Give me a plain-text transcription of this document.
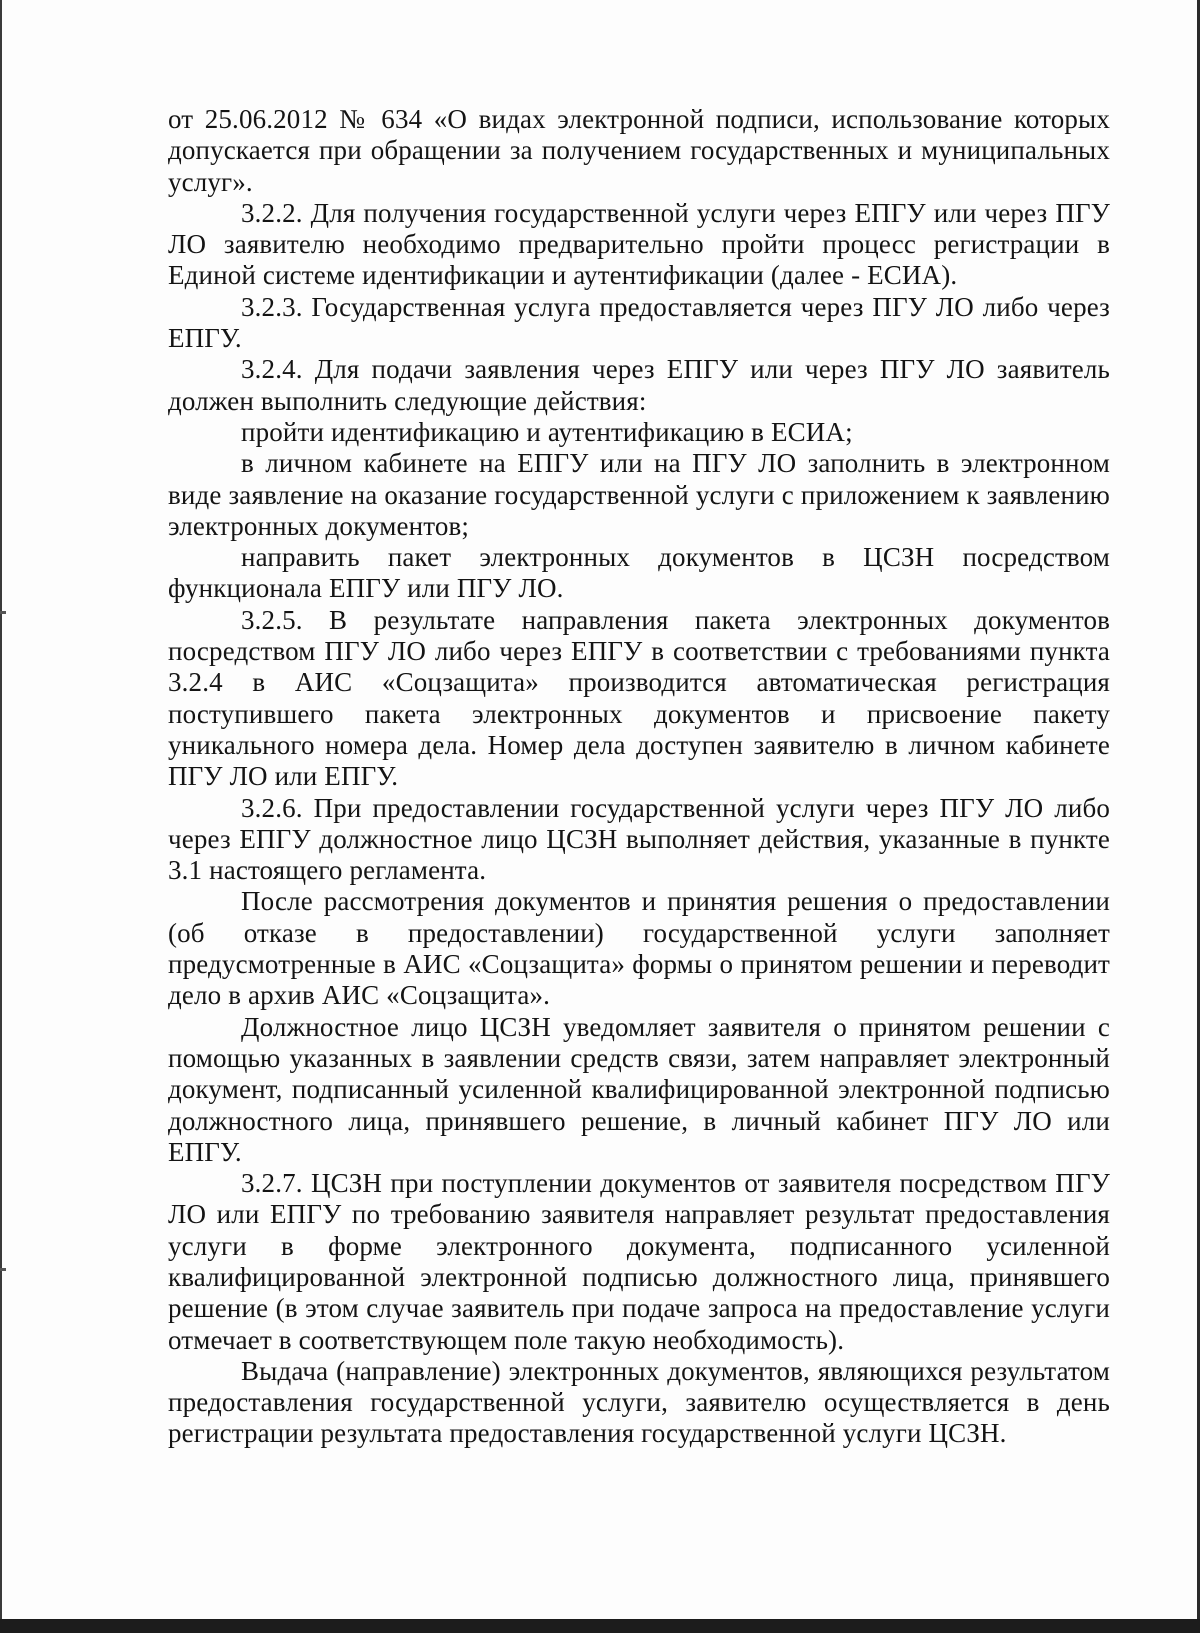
от 25.06.2012 № 634 «О видах электронной подписи, использование которых допускается при обращении за получением государственных и муниципальных услуг».

3.2.2. Для получения государственной услуги через ЕПГУ или через ПГУ ЛО заявителю необходимо предварительно пройти процесс регистрации в Единой системе идентификации и аутентификации (далее - ЕСИА).

3.2.3. Государственная услуга предоставляется через ПГУ ЛО либо через ЕПГУ.

3.2.4. Для подачи заявления через ЕПГУ или через ПГУ ЛО заявитель должен выполнить следующие действия:

пройти идентификацию и аутентификацию в ЕСИА;

в личном кабинете на ЕПГУ или на ПГУ ЛО заполнить в электронном виде заявление на оказание государственной услуги с приложением к заявлению электронных документов;

направить пакет электронных документов в ЦСЗН посредством функционала ЕПГУ или ПГУ ЛО.

3.2.5. В результате направления пакета электронных документов посредством ПГУ ЛО либо через ЕПГУ в соответствии с требованиями пункта 3.2.4 в АИС «Соцзащита» производится автоматическая регистрация поступившего пакета электронных документов и присвоение пакету уникального номера дела. Номер дела доступен заявителю в личном кабинете ПГУ ЛО или ЕПГУ.

3.2.6. При предоставлении государственной услуги через ПГУ ЛО либо через ЕПГУ должностное лицо ЦСЗН выполняет действия, указанные в пункте 3.1 настоящего регламента.

После рассмотрения документов и принятия решения о предоставлении (об отказе в предоставлении) государственной услуги заполняет предусмотренные в АИС «Соцзащита» формы о принятом решении и переводит дело в архив АИС «Соцзащита».

Должностное лицо ЦСЗН уведомляет заявителя о принятом решении с помощью указанных в заявлении средств связи, затем направляет электронный документ, подписанный усиленной квалифицированной электронной подписью должностного лица, принявшего решение, в личный кабинет ПГУ ЛО или ЕПГУ.

3.2.7. ЦСЗН при поступлении документов от заявителя посредством ПГУ ЛО или ЕПГУ по требованию заявителя направляет результат предоставления услуги в форме электронного документа, подписанного усиленной квалифицированной электронной подписью должностного лица, принявшего решение (в этом случае заявитель при подаче запроса на предоставление услуги отмечает в соответствующем поле такую необходимость).

Выдача (направление) электронных документов, являющихся результатом предоставления государственной услуги, заявителю осуществляется в день регистрации результата предоставления государственной услуги ЦСЗН.
